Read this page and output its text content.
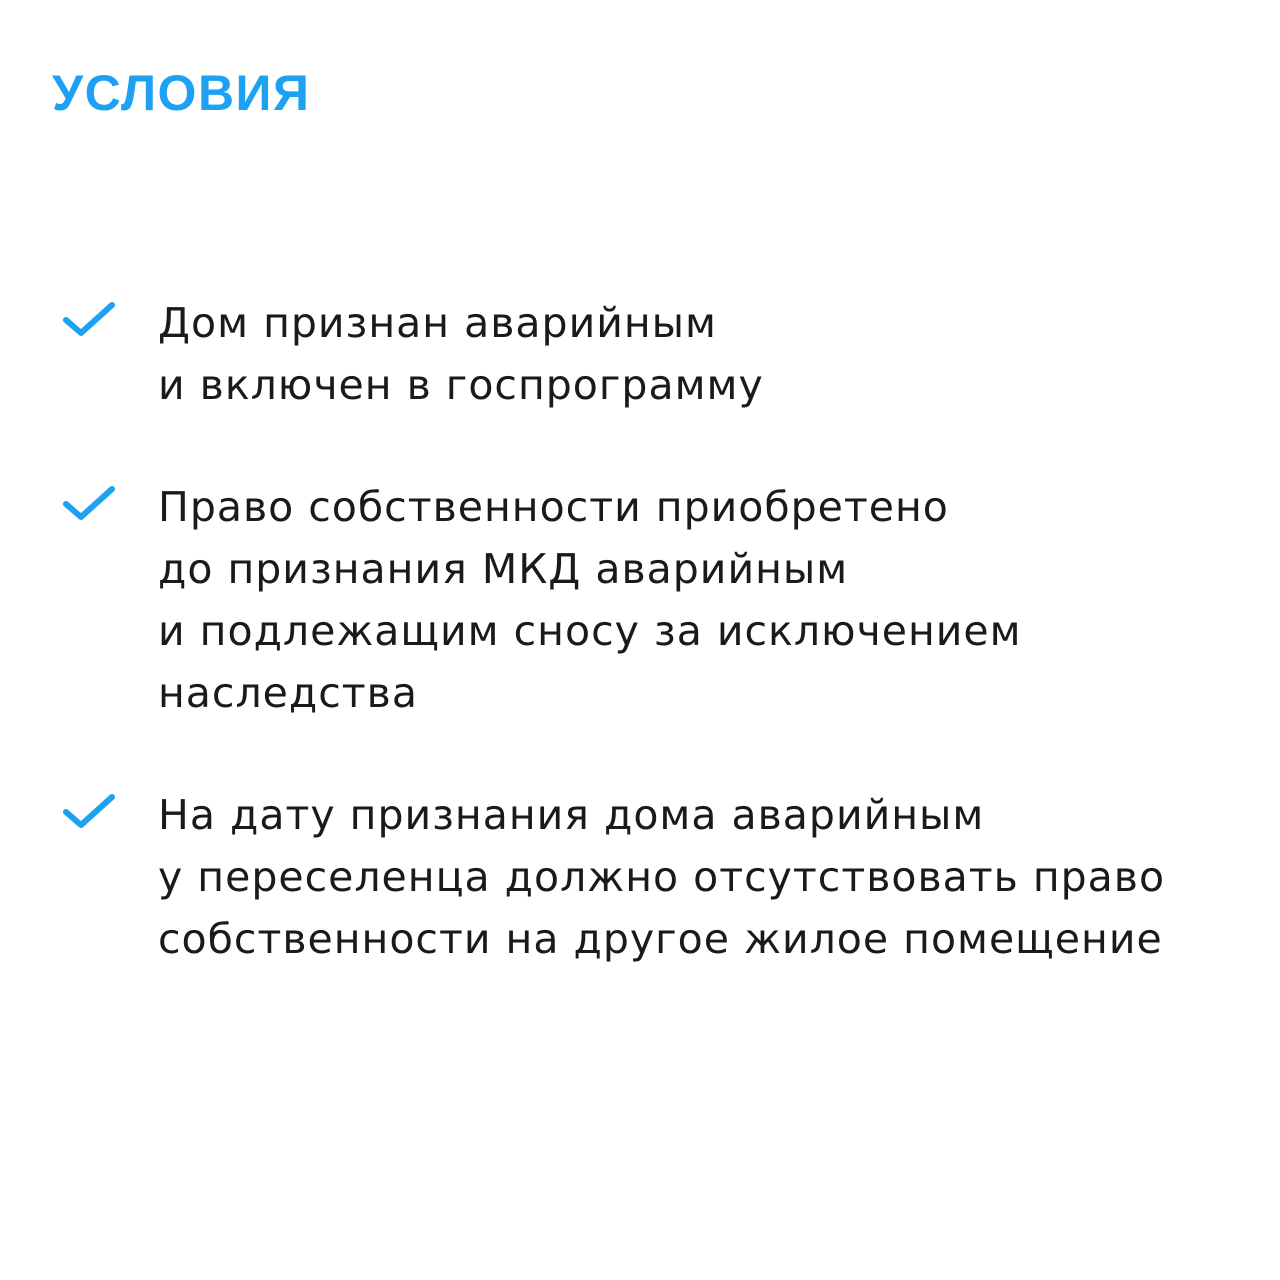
УСЛОВИЯ
Дом признан аварийным
и включен в госпрограмму
Право собственности приобретено
до признания МКД аварийным
и подлежащим сносу за исключением
наследства
На дату признания дома аварийным
у переселенца должно отсутствовать право
собственности на другое жилое помещение
